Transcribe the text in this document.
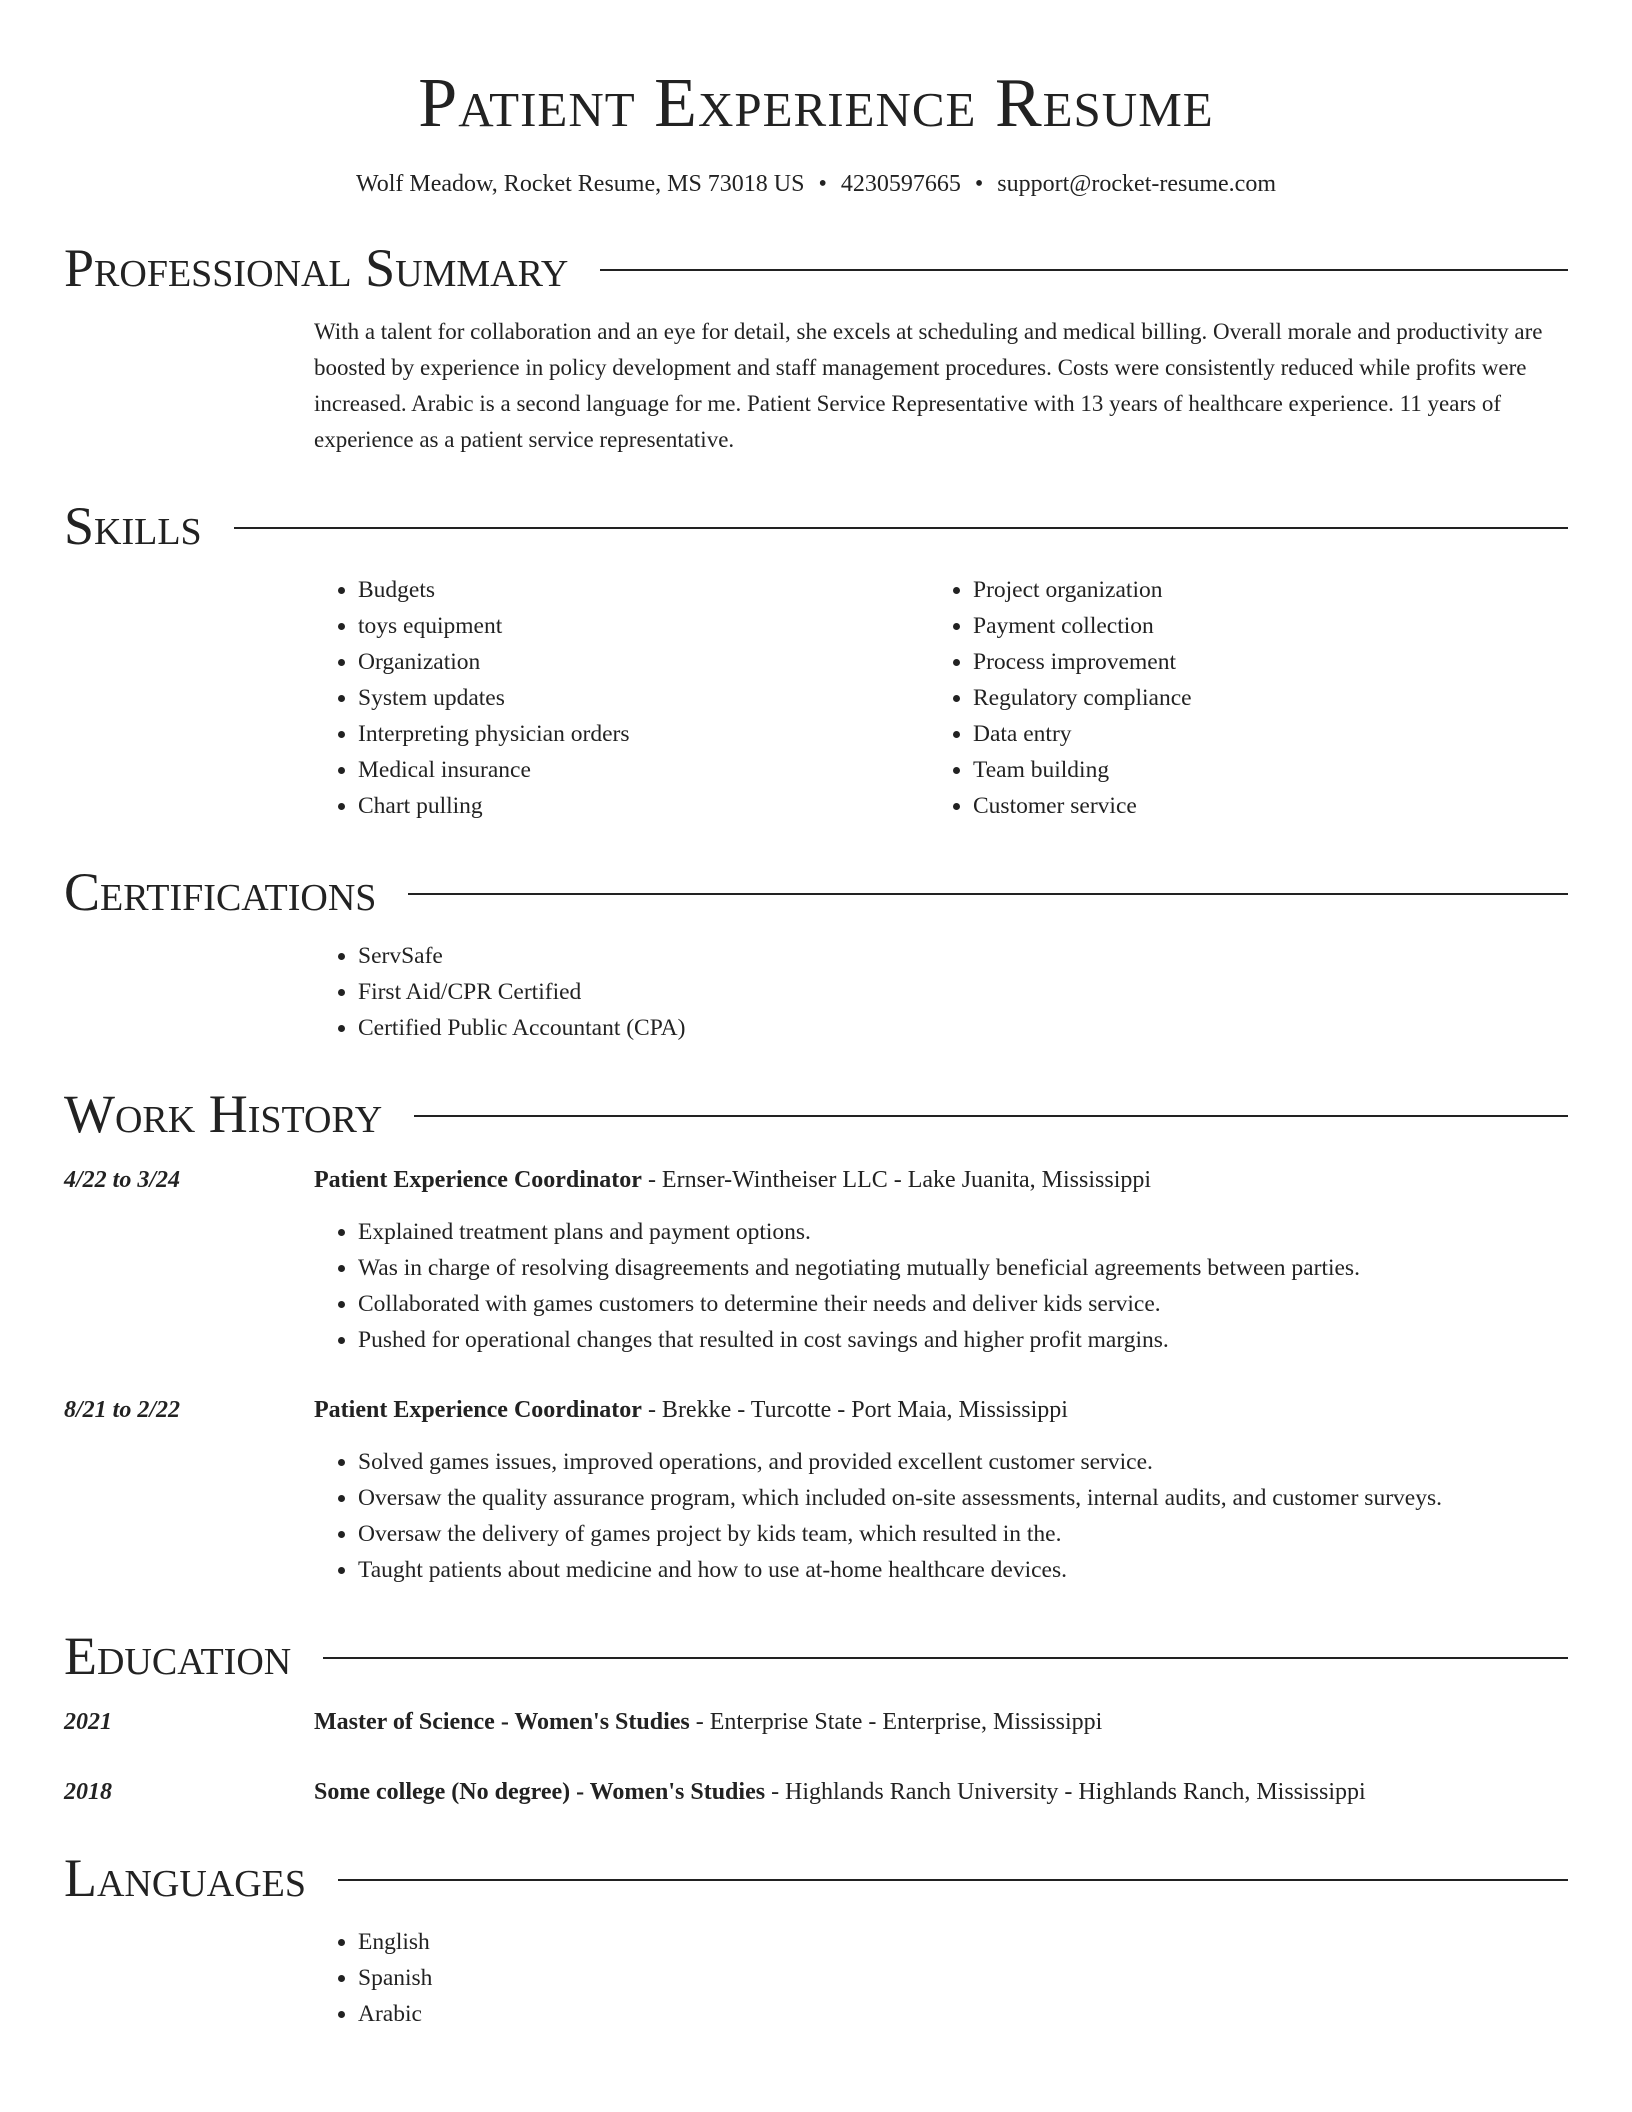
Patient Experience Resume
Wolf Meadow, Rocket Resume, MS 73018 US • 4230597665 • support@rocket-resume.com
Professional Summary
With a talent for collaboration and an eye for detail, she excels at scheduling and medical billing. Overall morale and productivity are boosted by experience in policy development and staff management procedures. Costs were consistently reduced while profits were increased. Arabic is a second language for me. Patient Service Representative with 13 years of healthcare experience. 11 years of experience as a patient service representative.
Skills
• Budgets
• toys equipment
• Organization
• System updates
• Interpreting physician orders
• Medical insurance
• Chart pulling
• Project organization
• Payment collection
• Process improvement
• Regulatory compliance
• Data entry
• Team building
• Customer service
Certifications
• ServSafe
• First Aid/CPR Certified
• Certified Public Accountant (CPA)
Work History
4/22 to 3/24	Patient Experience Coordinator - Ernser-Wintheiser LLC - Lake Juanita, Mississippi
• Explained treatment plans and payment options.
• Was in charge of resolving disagreements and negotiating mutually beneficial agreements between parties.
• Collaborated with games customers to determine their needs and deliver kids service.
• Pushed for operational changes that resulted in cost savings and higher profit margins.
8/21 to 2/22	Patient Experience Coordinator - Brekke - Turcotte - Port Maia, Mississippi
• Solved games issues, improved operations, and provided excellent customer service.
• Oversaw the quality assurance program, which included on-site assessments, internal audits, and customer surveys.
• Oversaw the delivery of games project by kids team, which resulted in the.
• Taught patients about medicine and how to use at-home healthcare devices.
Education
2021	Master of Science - Women's Studies - Enterprise State - Enterprise, Mississippi
2018	Some college (No degree) - Women's Studies - Highlands Ranch University - Highlands Ranch, Mississippi
Languages
• English
• Spanish
• Arabic
